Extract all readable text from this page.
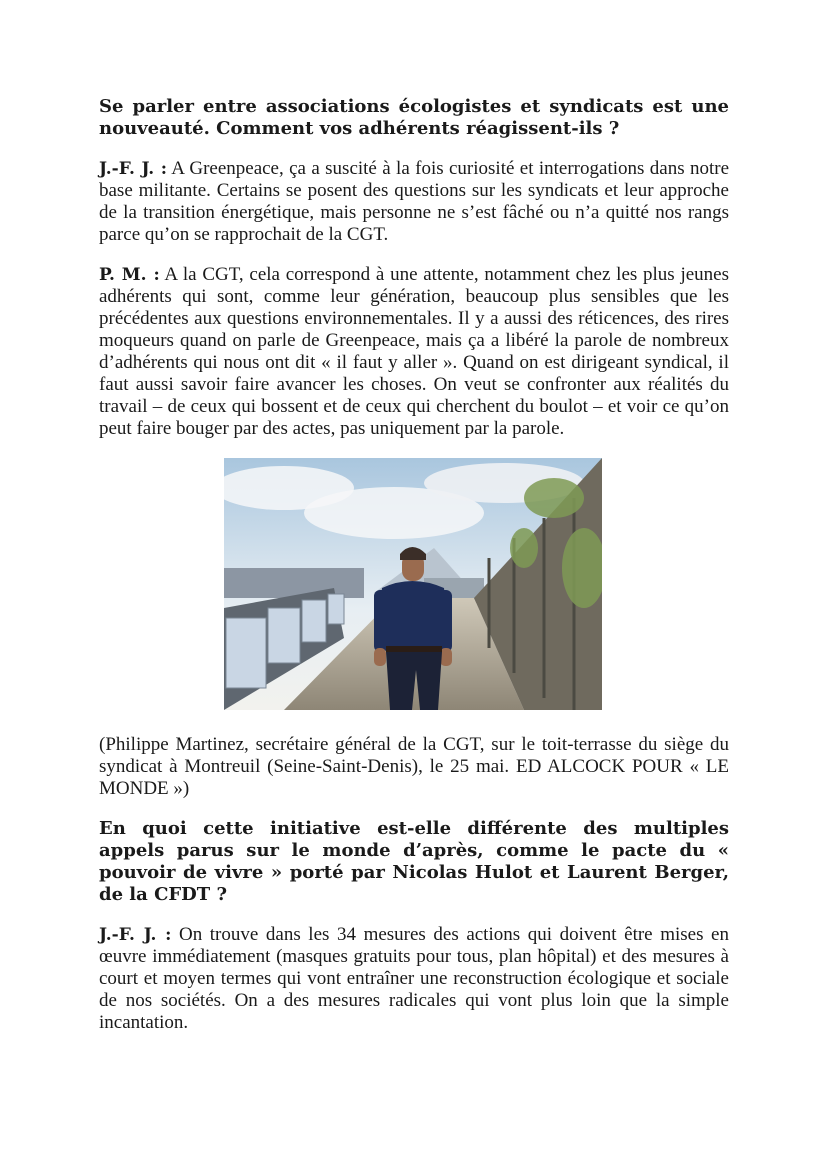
Se parler entre associations écologistes et syndicats est une nouveauté. Comment vos adhérents réagissent-ils ?

J.-F. J. : A Greenpeace, ça a suscité à la fois curiosité et interrogations dans notre base militante. Certains se posent des questions sur les syndicats et leur approche de la transition énergétique, mais personne ne s’est fâché ou n’a quitté nos rangs parce qu’on se rapprochait de la CGT.

P. M. : A la CGT, cela correspond à une attente, notamment chez les plus jeunes adhérents qui sont, comme leur génération, beaucoup plus sensibles que les précédentes aux questions environnementales. Il y a aussi des réticences, des rires moqueurs quand on parle de Greenpeace, mais ça a libéré la parole de nombreux d’adhérents qui nous ont dit « il faut y aller ». Quand on est dirigeant syndical, il faut aussi savoir faire avancer les choses. On veut se confronter aux réalités du travail – de ceux qui bossent et de ceux qui cherchent du boulot – et voir ce qu’on peut faire bouger par des actes, pas uniquement par la parole.

(Philippe Martinez, secrétaire général de la CGT, sur le toit-terrasse du siège du syndicat à Montreuil (Seine-Saint-Denis), le 25 mai. ED ALCOCK POUR « LE MONDE »)

En quoi cette initiative est-elle différente des multiples appels parus sur le monde d’après, comme le pacte du « pouvoir de vivre » porté par Nicolas Hulot et Laurent Berger, de la CFDT ?

J.-F. J. : On trouve dans les 34 mesures des actions qui doivent être mises en œuvre immédiatement (masques gratuits pour tous, plan hôpital) et des mesures à court et moyen termes qui vont entraîner une reconstruction écologique et sociale de nos sociétés. On a des mesures radicales qui vont plus loin que la simple incantation.
